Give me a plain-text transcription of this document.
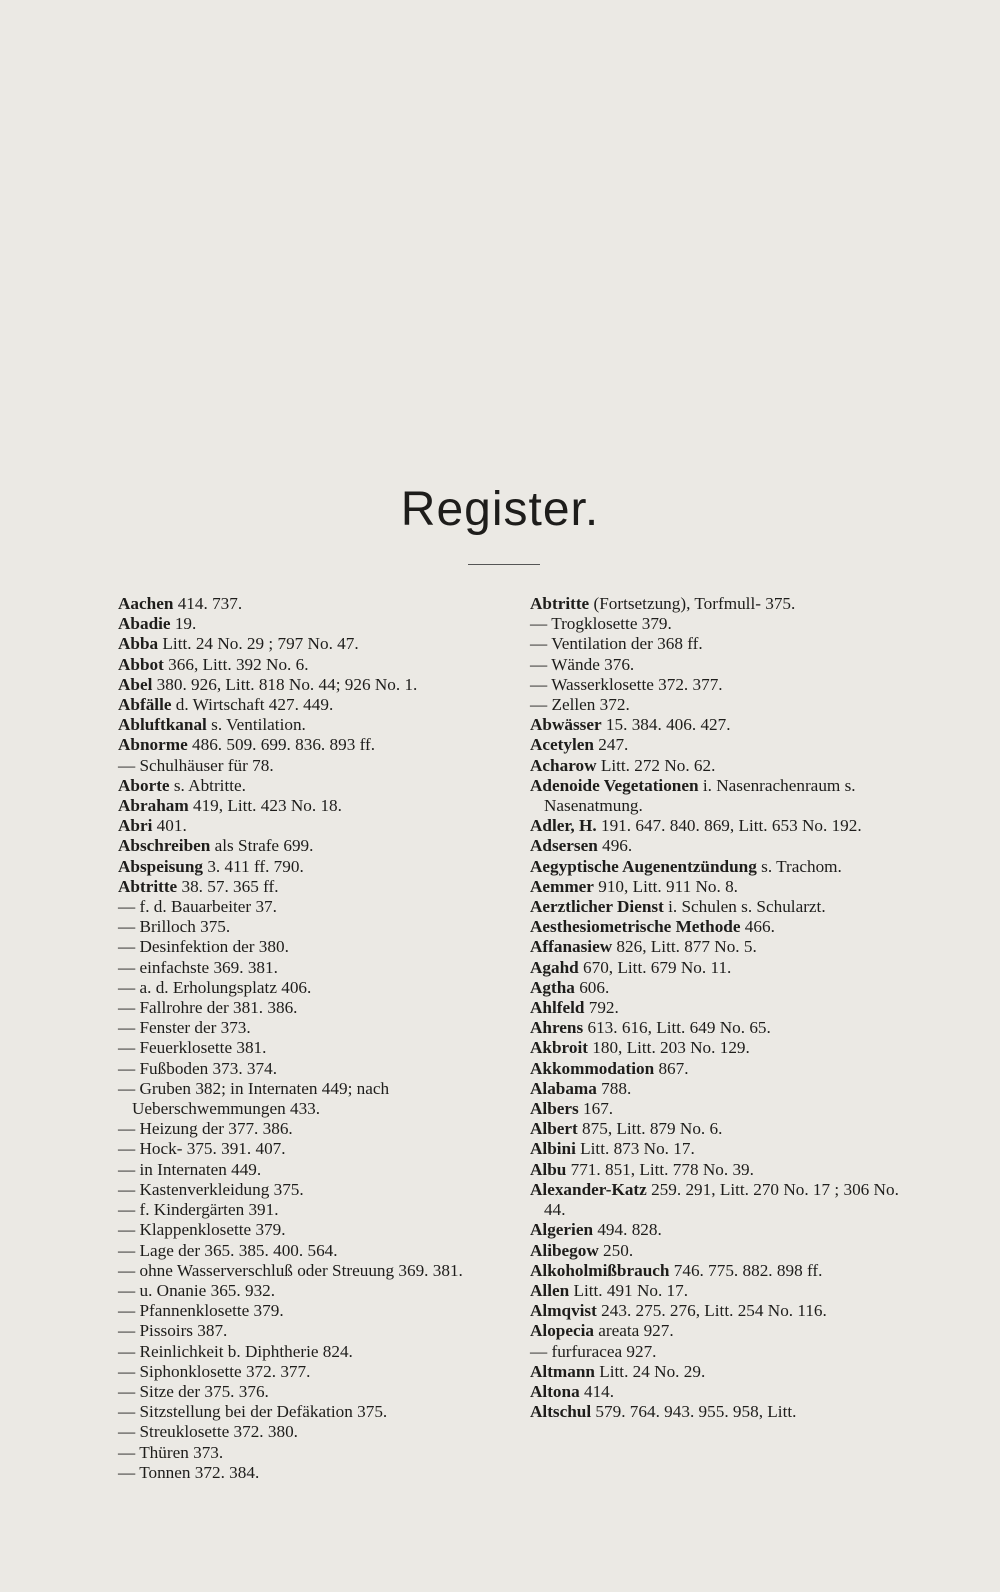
Register.
Aachen 414. 737.
Abadie 19.
Abba Litt. 24 No. 29 ; 797 No. 47.
Abbot 366, Litt. 392 No. 6.
Abel 380. 926, Litt. 818 No. 44; 926 No. 1.
Abfälle d. Wirtschaft 427. 449.
Abluftkanal s. Ventilation.
Abnorme 486. 509. 699. 836. 893 ff.
— Schulhäuser für 78.
Aborte s. Abtritte.
Abraham 419, Litt. 423 No. 18.
Abri 401.
Abschreiben als Strafe 699.
Abspeisung 3. 411 ff. 790.
Abtritte 38. 57. 365 ff.
— f. d. Bauarbeiter 37.
— Brilloch 375.
— Desinfektion der 380.
— einfachste 369. 381.
— a. d. Erholungsplatz 406.
— Fallrohre der 381. 386.
— Fenster der 373.
— Feuerklosette 381.
— Fußboden 373. 374.
— Gruben 382; in Internaten 449; nach Ueberschwemmungen 433.
— Heizung der 377. 386.
— Hock- 375. 391. 407.
— in Internaten 449.
— Kastenverkleidung 375.
— f. Kindergärten 391.
— Klappenklosette 379.
— Lage der 365. 385. 400. 564.
— ohne Wasserverschluß oder Streuung 369. 381.
— u. Onanie 365. 932.
— Pfannenklosette 379.
— Pissoirs 387.
— Reinlichkeit b. Diphtherie 824.
— Siphonklosette 372. 377.
— Sitze der 375. 376.
— Sitzstellung bei der Defäkation 375.
— Streuklosette 372. 380.
— Thüren 373.
— Tonnen 372. 384.
Abtritte (Fortsetzung), Torfmull- 375.
— Trogklosette 379.
— Ventilation der 368 ff.
— Wände 376.
— Wasserklosette 372. 377.
— Zellen 372.
Abwässer 15. 384. 406. 427.
Acetylen 247.
Acharow Litt. 272 No. 62.
Adenoide Vegetationen i. Nasenrachenraum s. Nasenatmung.
Adler, H. 191. 647. 840. 869, Litt. 653 No. 192.
Adsersen 496.
Aegyptische Augenentzündung s. Trachom.
Aemmer 910, Litt. 911 No. 8.
Aerztlicher Dienst i. Schulen s. Schularzt.
Aesthesiometrische Methode 466.
Affanasiew 826, Litt. 877 No. 5.
Agahd 670, Litt. 679 No. 11.
Agtha 606.
Ahlfeld 792.
Ahrens 613. 616, Litt. 649 No. 65.
Akbroit 180, Litt. 203 No. 129.
Akkommodation 867.
Alabama 788.
Albers 167.
Albert 875, Litt. 879 No. 6.
Albini Litt. 873 No. 17.
Albu 771. 851, Litt. 778 No. 39.
Alexander-Katz 259. 291, Litt. 270 No. 17 ; 306 No. 44.
Algerien 494. 828.
Alibegow 250.
Alkoholmißbrauch 746. 775. 882. 898 ff.
Allen Litt. 491 No. 17.
Almqvist 243. 275. 276, Litt. 254 No. 116.
Alopecia areata 927.
— furfuracea 927.
Altmann Litt. 24 No. 29.
Altona 414.
Altschul 579. 764. 943. 955. 958, Litt.
